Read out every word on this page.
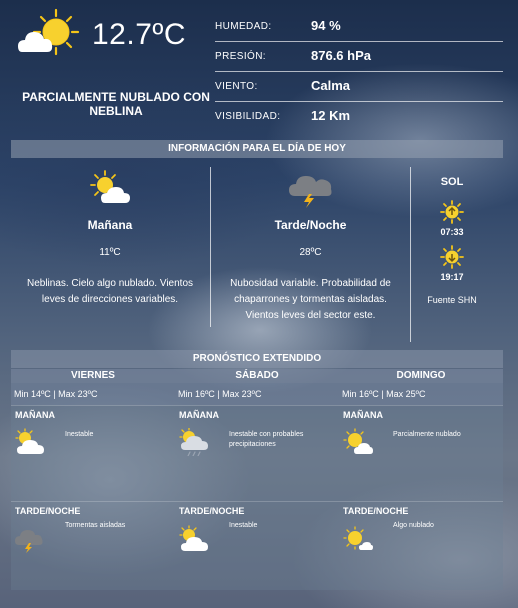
12.7ºC
PARCIALMENTE NUBLADO CON NEBLINA
HUMEDAD:	94 %
PRESIÓN:	876.6 hPa
VIENTO:	Calma
VISIBILIDAD: 12 Km
INFORMACIÓN PARA EL DÍA DE HOY
Mañana
11ºC
Neblinas. Cielo algo nublado. Vientos leves de direcciones variables.
Tarde/Noche
28ºC
Nubosidad variable. Probabilidad de chaparrones y tormentas aisladas. Vientos leves del sector este.
SOL
07:33
19:17
Fuente SHN
PRONÓSTICO EXTENDIDO
VIERNES
Min 14ºC | Max 23ºC
MAÑANA
Inestable
TARDE/NOCHE
Tormentas aisladas
SÁBADO
Min 16ºC | Max 23ºC
MAÑANA
Inestable con probables precipitaciones
TARDE/NOCHE
Inestable
DOMINGO
Min 16ºC | Max 25ºC
MAÑANA
Parcialmente nublado
TARDE/NOCHE
Algo nublado
